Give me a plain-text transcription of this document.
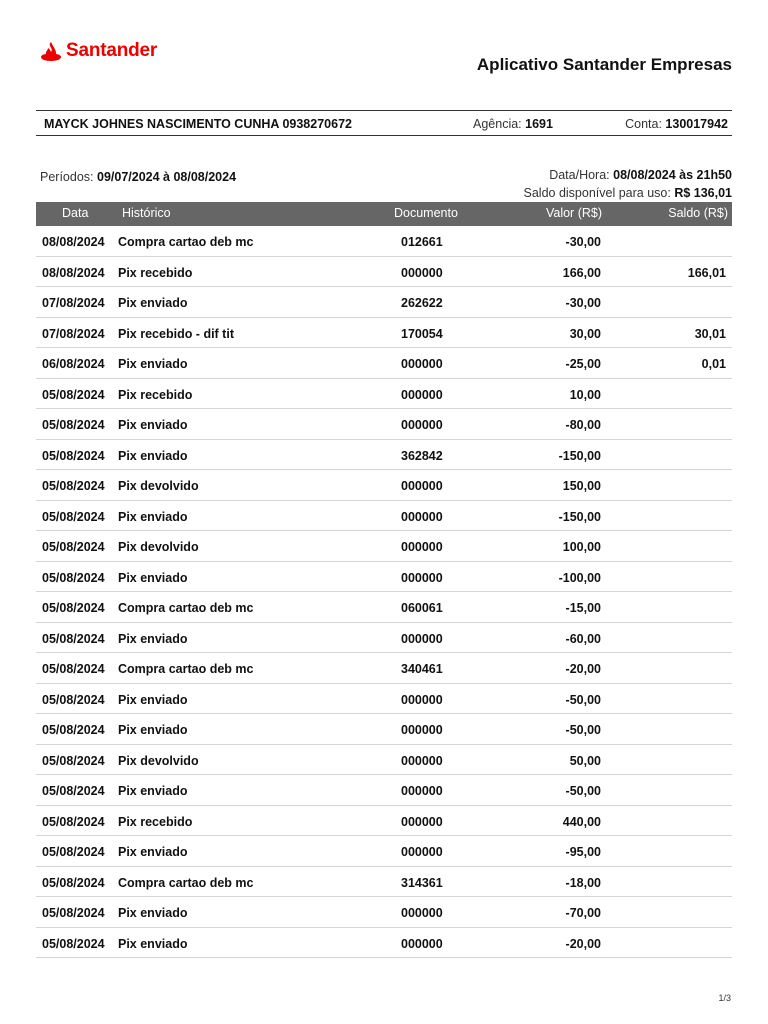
Santander
Aplicativo Santander Empresas
MAYCK JOHNES NASCIMENTO CUNHA 0938270672	Agência: 1691	Conta: 130017942
Períodos: 09/07/2024 à 08/08/2024	Data/Hora: 08/08/2024 às 21h50
Saldo disponível para uso: R$ 136,01
Data	Histórico	Documento	Valor (R$)	Saldo (R$)
08/08/2024 Compra cartao deb mc	012661	-30,00
08/08/2024 Pix recebido	000000	166,00	166,01
07/08/2024 Pix enviado	262622	-30,00
07/08/2024 Pix recebido - dif tit	170054	30,00	30,01
06/08/2024 Pix enviado	000000	-25,00	0,01
05/08/2024 Pix recebido	000000	10,00
05/08/2024 Pix enviado	000000	-80,00
05/08/2024 Pix enviado	362842	-150,00
05/08/2024 Pix devolvido	000000	150,00
05/08/2024 Pix enviado	000000	-150,00
05/08/2024 Pix devolvido	000000	100,00
05/08/2024 Pix enviado	000000	-100,00
05/08/2024 Compra cartao deb mc	060061	-15,00
05/08/2024 Pix enviado	000000	-60,00
05/08/2024 Compra cartao deb mc	340461	-20,00
05/08/2024 Pix enviado	000000	-50,00
05/08/2024 Pix enviado	000000	-50,00
05/08/2024 Pix devolvido	000000	50,00
05/08/2024 Pix enviado	000000	-50,00
05/08/2024 Pix recebido	000000	440,00
05/08/2024 Pix enviado	000000	-95,00
05/08/2024 Compra cartao deb mc	314361	-18,00
05/08/2024 Pix enviado	000000	-70,00
05/08/2024 Pix enviado	000000	-20,00
1/3
